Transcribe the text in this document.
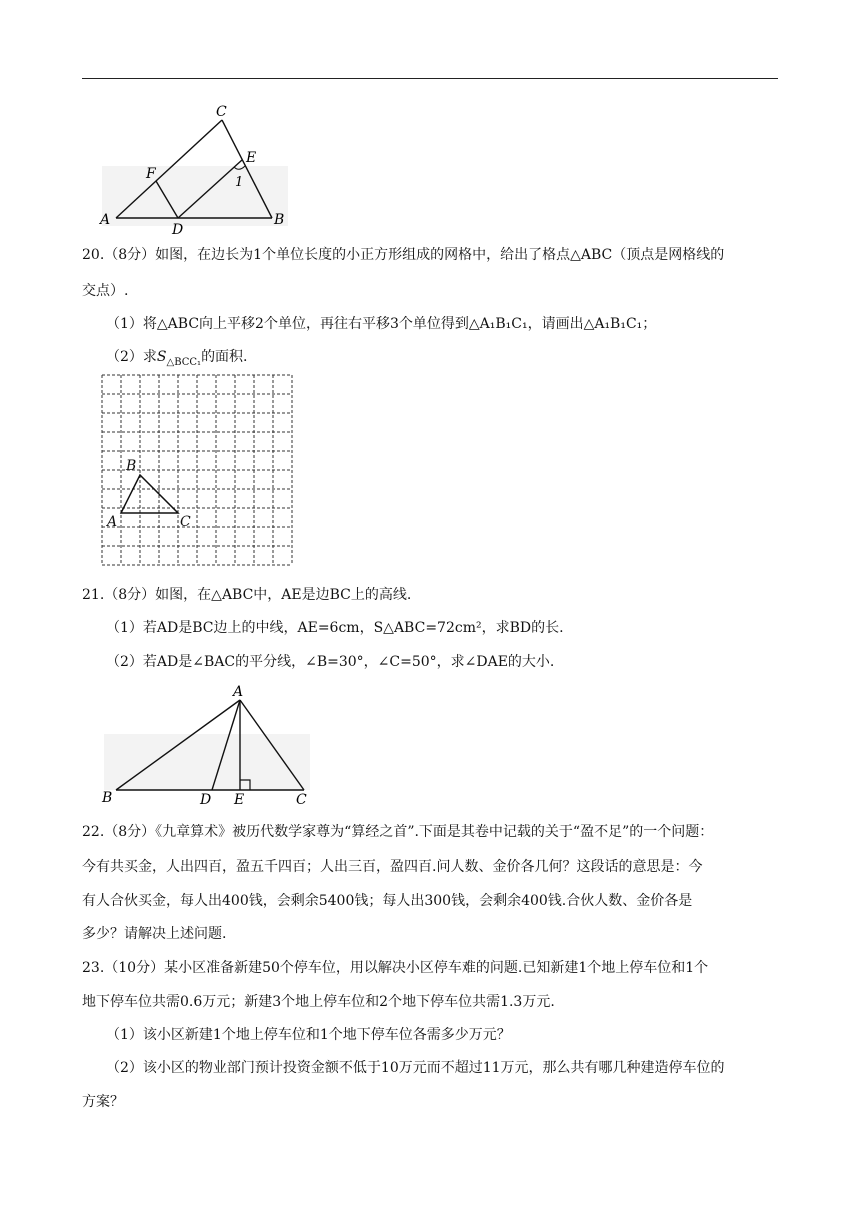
C
E
1
F
A
D
B
20.（8分）如图，在边长为1个单位长度的小正方形组成的网格中，给出了格点△ABC（顶点是网格线的
交点）.
（1）将△ABC向上平移2个单位，再往右平移3个单位得到△A₁B₁C₁，请画出△A₁B₁C₁；
（2）求$S_{\triangle BCC_1}$的面积.
B
A	C
21.（8分）如图，在△ABC中，AE是边BC上的高线.
（1）若AD是BC边上的中线，AE=6cm，S△ABC=72cm²，求BD的长.
（2）若AD是∠BAC的平分线，∠B=30°，∠C=50°，求∠DAE的大小.
A
B	D E	C
22.（8分）《九章算术》被历代数学家尊为“算经之首”.下面是其卷中记载的关于“盈不足”的一个问题：
今有共买金，人出四百，盈五千四百；人出三百，盈四百.问人数、金价各几何？这段话的意思是：今
有人合伙买金，每人出400钱，会剩余5400钱；每人出300钱，会剩余400钱.合伙人数、金价各是
多少？请解决上述问题.
23.（10分）某小区准备新建50个停车位，用以解决小区停车难的问题.已知新建1个地上停车位和1个
地下停车位共需0.6万元；新建3个地上停车位和2个地下停车位共需1.3万元.
（1）该小区新建1个地上停车位和1个地下停车位各需多少万元？
（2）该小区的物业部门预计投资金额不低于10万元而不超过11万元，那么共有哪几种建造停车位的
方案？
